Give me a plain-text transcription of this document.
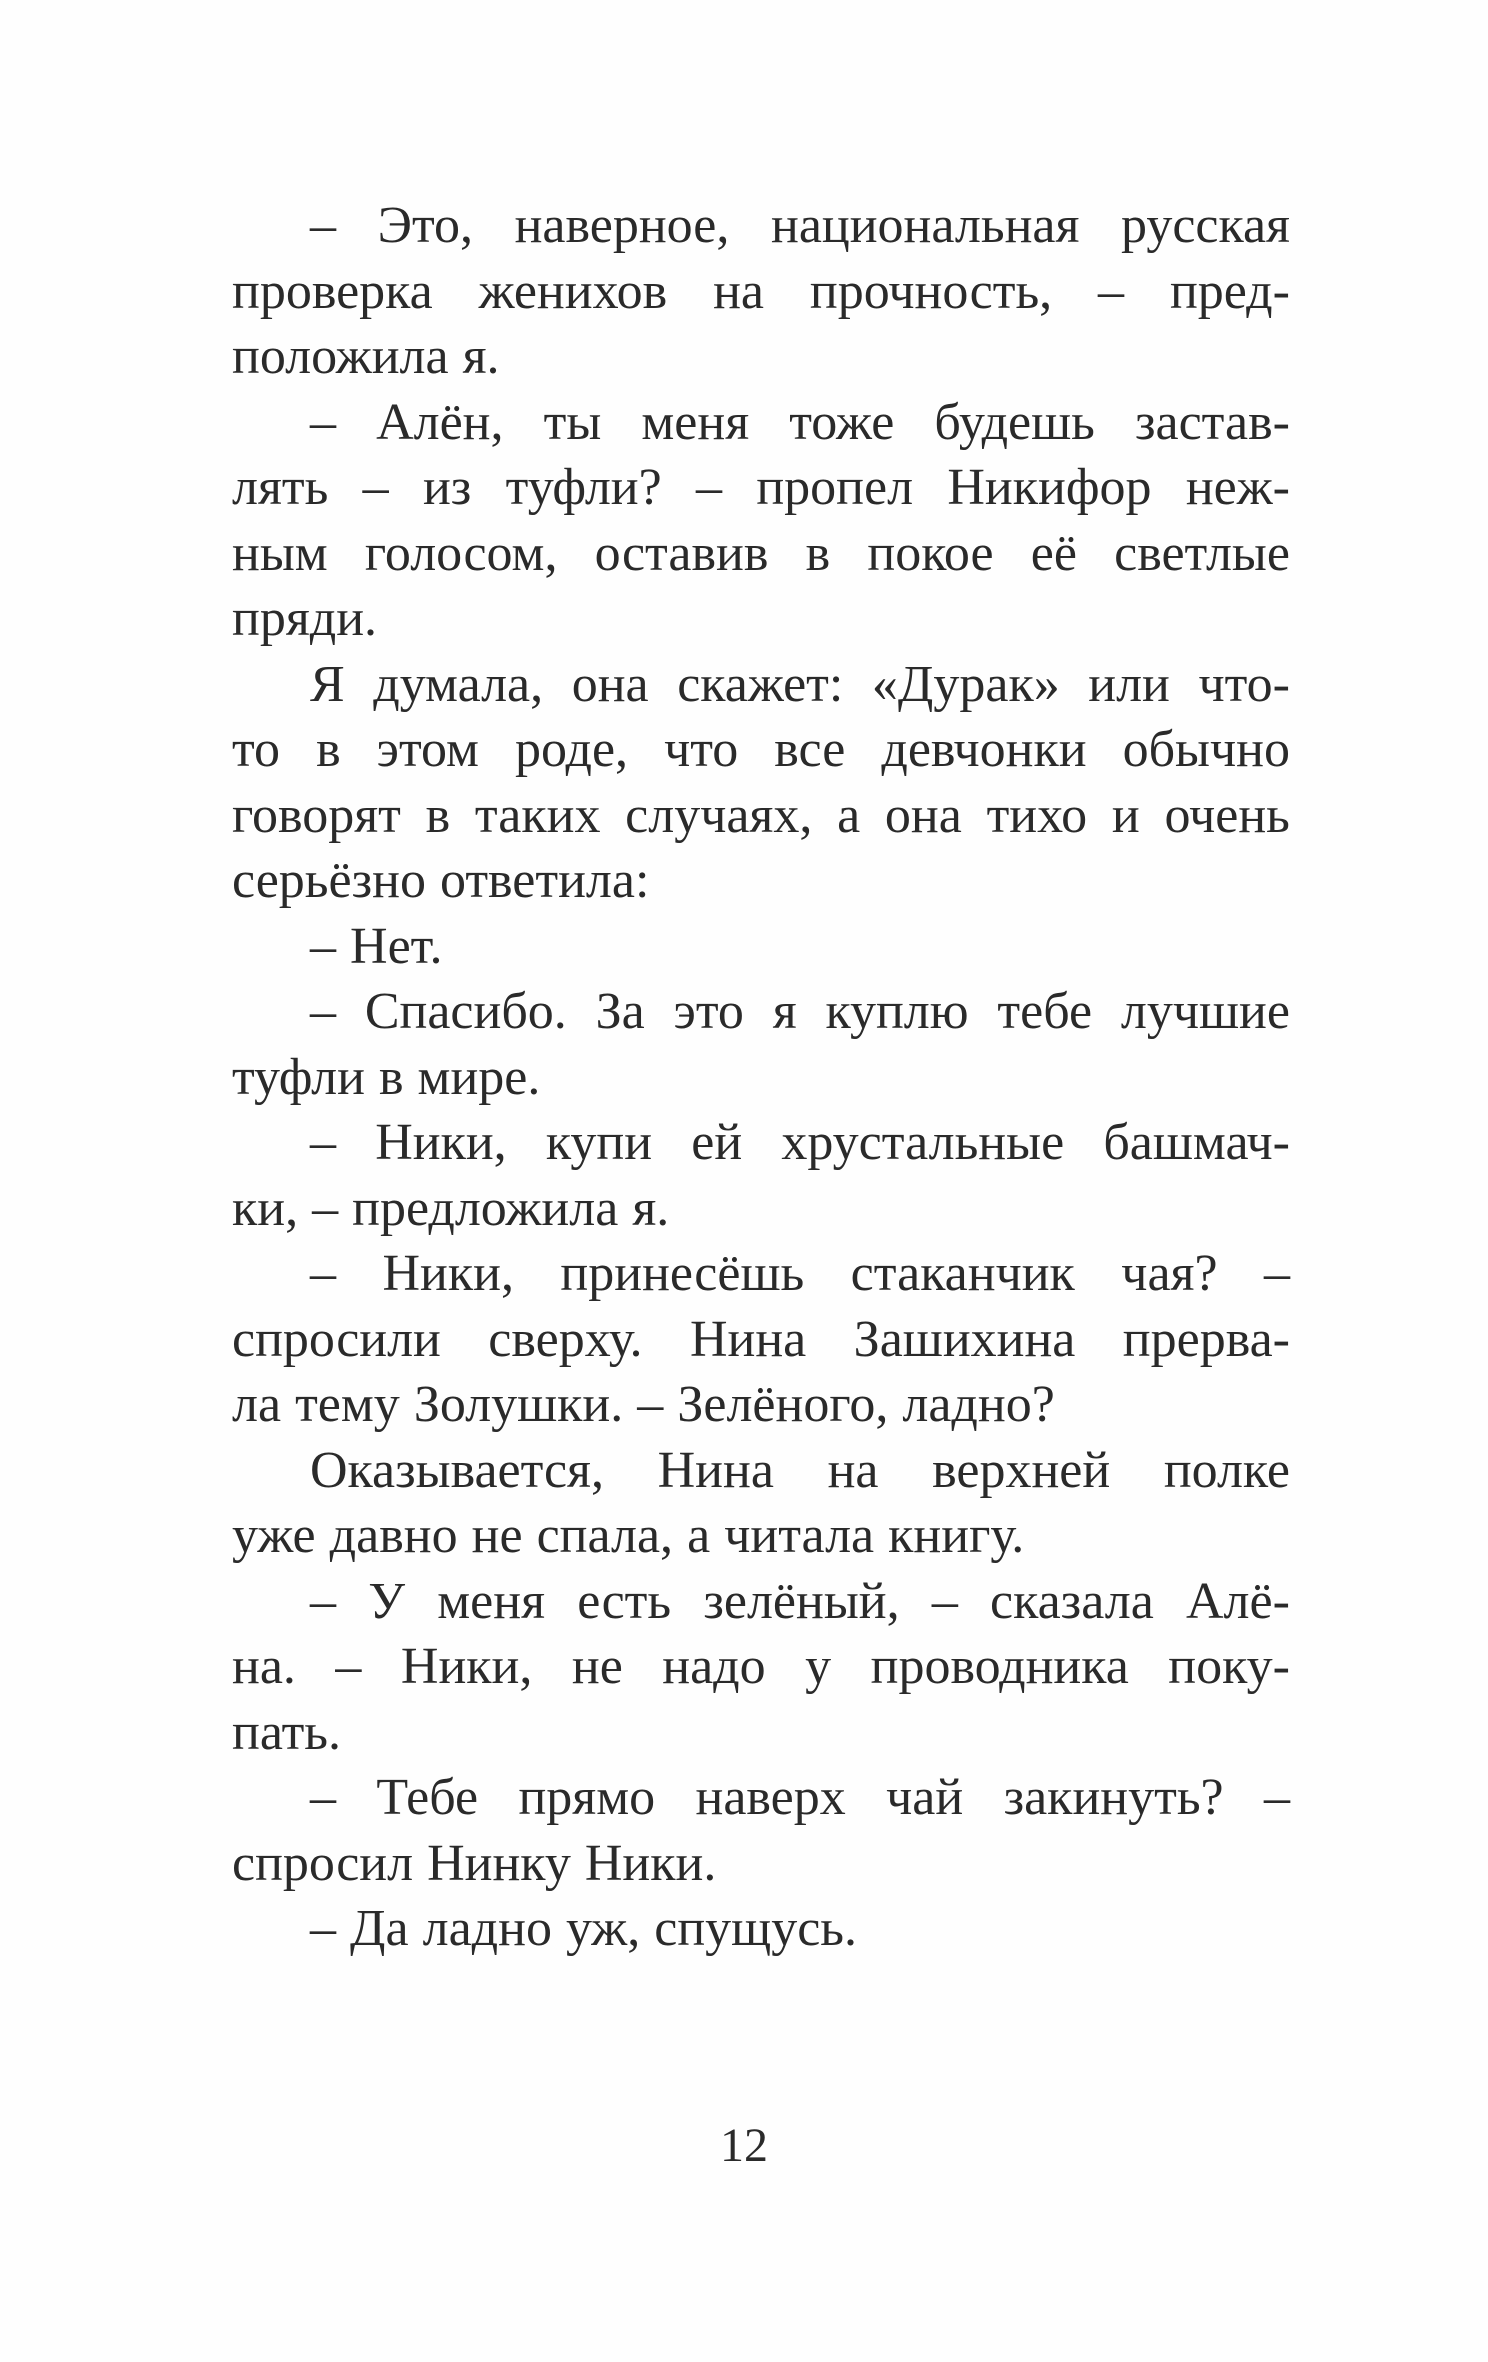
– Это, наверное, национальная русская
проверка женихов на прочность, – пред-
положила я.
– Алён, ты меня тоже будешь застав-
лять – из туфли? – пропел Никифор неж-
ным голосом, оставив в покое её светлые
пряди.
Я думала, она скажет: «Дурак» или что-
то в этом роде, что все девчонки обычно
говорят в таких случаях, а она тихо и очень
серьёзно ответила:
– Нет.
– Спасибо. За это я куплю тебе лучшие
туфли в мире.
– Ники, купи ей хрустальные башмач-
ки, – предложила я.
– Ники, принесёшь стаканчик чая? –
спросили сверху. Нина Зашихина прерва-
ла тему Золушки. – Зелёного, ладно?
Оказывается, Нина на верхней полке
уже давно не спала, а читала книгу.
– У меня есть зелёный, – сказала Алё-
на. – Ники, не надо у проводника поку-
пать.
– Тебе прямо наверх чай закинуть? –
спросил Нинку Ники.
– Да ладно уж, спущусь.
12
